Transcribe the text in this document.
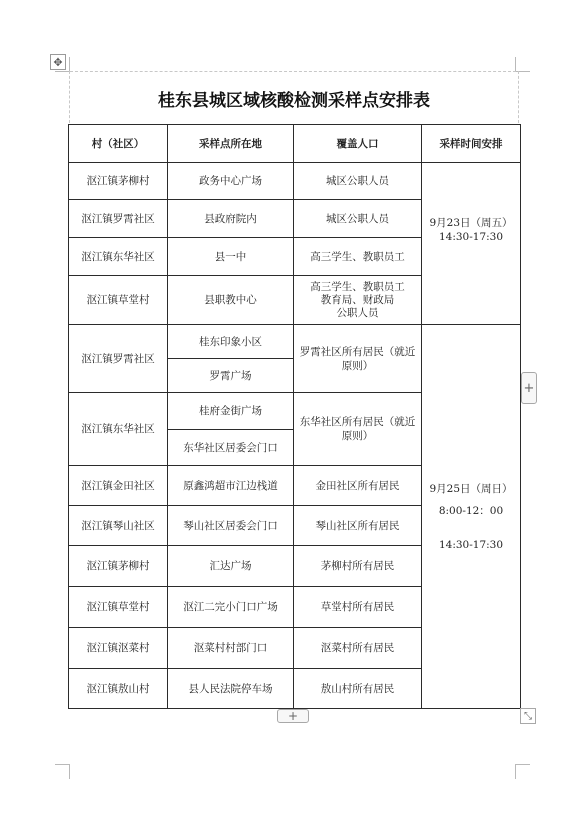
✥
桂东县城区域核酸检测采样点安排表
村（社区）	采样点所在地	覆盖人口	采样时间安排
沤江镇茅柳村	政务中心广场	城区公职人员	9月23日（周五）
14:30-17:30

沤江镇罗霄社区	县政府院内	城区公职人员	
沤江镇东华社区	县一中	高三学生、教职员工	
沤江镇草堂村	县职教中心	高三学生、教职员工
教育局、财政局
公职人员	
沤江镇罗霄社区	桂东印象小区	罗霄社区所有居民（就近原则）	9月25日（周日）
8:00-12：00
14:30-17:30

	罗霄广场		
沤江镇东华社区	桂府金街广场	东华社区所有居民（就近原则）	
	东华社区居委会门口		
沤江镇金田社区	原鑫鸿超市江边栈道	金田社区所有居民	
沤江镇琴山社区	琴山社区居委会门口	琴山社区所有居民	
沤江镇茅柳村	汇达广场	茅柳村所有居民	
沤江镇草堂村	沤江二完小门口广场	草堂村所有居民	
沤江镇沤菜村	沤菜村村部门口	沤菜村所有居民	
沤江镇敖山村	县人民法院停车场	敖山村所有居民	
+
+	⤡
